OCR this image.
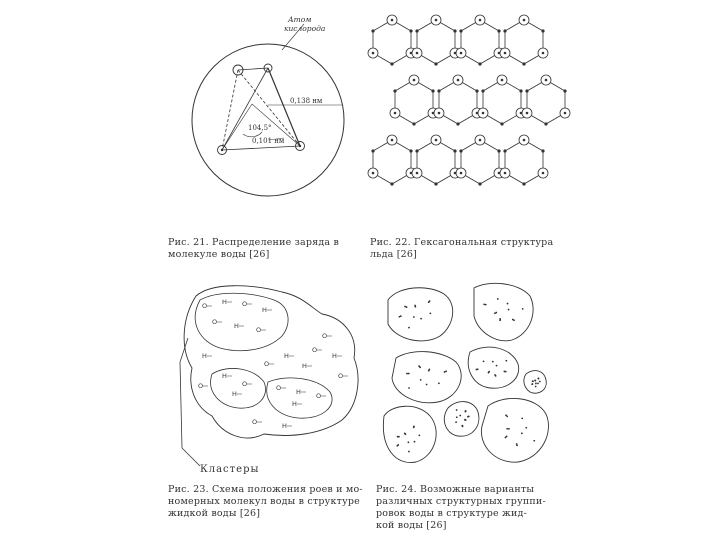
Атом
кислорода
0,138 нм
104,5°
0,101 нм
Рис. 21. Распределение заряда в
молекуле воды [26]
Рис. 22. Гексагональная структура
льда [26]
O H O
H
O	H	O
H
O
H
O H O
H
O
H
O
H
O
H
O
H
O
H
O
Кластеры
Рис. 23. Схема положения роев и мо-
номерных молекул воды в структуре
жидкой воды [26]
Рис. 24. Возможные варианты
различных структурных группи-
ровок воды в структуре жид-
кой воды [26]
